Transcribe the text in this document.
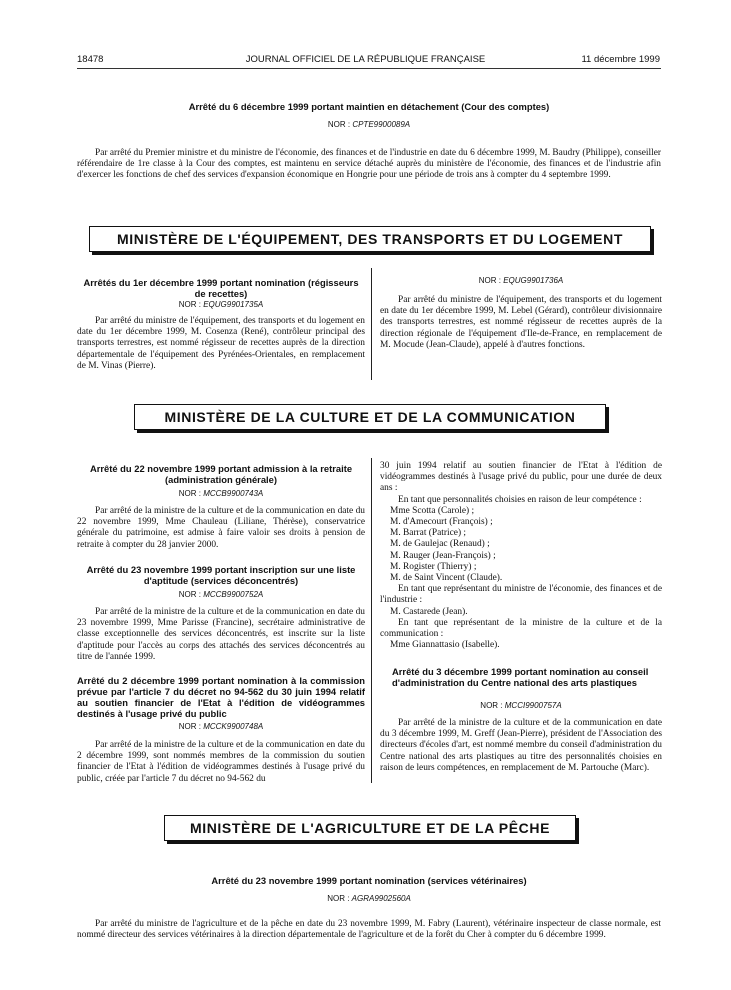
18478	JOURNAL OFFICIEL DE LA RÉPUBLIQUE FRANÇAISE	11 décembre 1999
Arrêté du 6 décembre 1999 portant maintien en détachement (Cour des comptes)
NOR : CPTE9900089A

Par arrêté du Premier ministre et du ministre de l'économie, des finances et de l'industrie en date du 6 décembre 1999, M. Baudry (Philippe), conseiller référendaire de 1re classe à la Cour des comptes, est maintenu en service détaché auprès du ministère de l'économie, des finances et de l'industrie afin d'exercer les fonctions de chef des services d'expansion économique en Hongrie pour une période de trois ans à compter du 4 septembre 1999.

MINISTÈRE DE L'ÉQUIPEMENT, DES TRANSPORTS ET DU LOGEMENT
Arrêtés du 1er décembre 1999 portant nomination (régisseurs de recettes)
NOR : EQUG9901735A

Par arrêté du ministre de l'équipement, des transports et du logement en date du 1er décembre 1999, M. Cosenza (René), contrôleur principal des transports terrestres, est nommé régisseur de recettes auprès de la direction départementale de l'équipement des Pyrénées-Orientales, en remplacement de M. Vinas (Pierre).

NOR : EQUG9901736A

Par arrêté du ministre de l'équipement, des transports et du logement en date du 1er décembre 1999, M. Lebel (Gérard), contrôleur divisionnaire des transports terrestres, est nommé régisseur de recettes auprès de la direction régionale de l'équipement d'Ile-de-France, en remplacement de M. Mocude (Jean-Claude), appelé à d'autres fonctions.

MINISTÈRE DE LA CULTURE ET DE LA COMMUNICATION
Arrêté du 22 novembre 1999 portant admission à la retraite (administration générale)
NOR : MCCB9900743A

Par arrêté de la ministre de la culture et de la communication en date du 22 novembre 1999, Mme Chauleau (Liliane, Thérèse), conservatrice générale du patrimoine, est admise à faire valoir ses droits à pension de retraite à compter du 28 janvier 2000.

Arrêté du 23 novembre 1999 portant inscription sur une liste d'aptitude (services déconcentrés)
NOR : MCCB9900752A

Par arrêté de la ministre de la culture et de la communication en date du 23 novembre 1999, Mme Parisse (Francine), secrétaire administrative de classe exceptionnelle des services déconcentrés, est inscrite sur la liste d'aptitude pour l'accès au corps des attachés des services déconcentrés au titre de l'année 1999.

Arrêté du 2 décembre 1999 portant nomination à la commission prévue par l'article 7 du décret no 94-562 du 30 juin 1994 relatif au soutien financier de l'Etat à l'édition de vidéogrammes destinés à l'usage privé du public
NOR : MCCK9900748A

Par arrêté de la ministre de la culture et de la communication en date du 2 décembre 1999, sont nommés membres de la commission du soutien financier de l'Etat à l'édition de vidéogrammes destinés à l'usage privé du public, créée par l'article 7 du décret no 94-562 du

30 juin 1994 relatif au soutien financier de l'Etat à l'édition de vidéogrammes destinés à l'usage privé du public, pour une durée de deux ans :

En tant que personnalités choisies en raison de leur compétence :

Mme Scotta (Carole) ;

M. d'Amecourt (François) ;

M. Barrat (Patrice) ;

M. de Gaulejac (Renaud) ;

M. Rauger (Jean-François) ;

M. Rogister (Thierry) ;

M. de Saint Vincent (Claude).

En tant que représentant du ministre de l'économie, des finances et de l'industrie :

M. Castarede (Jean).

En tant que représentant de la ministre de la culture et de la communication :

Mme Giannattasio (Isabelle).

Arrêté du 3 décembre 1999 portant nomination au conseil d'administration du Centre national des arts plastiques
NOR : MCCI9900757A

Par arrêté de la ministre de la culture et de la communication en date du 3 décembre 1999, M. Greff (Jean-Pierre), président de l'Association des directeurs d'écoles d'art, est nommé membre du conseil d'administration du Centre national des arts plastiques au titre des personnalités choisies en raison de leurs compétences, en remplacement de M. Partouche (Marc).

MINISTÈRE DE L'AGRICULTURE ET DE LA PÊCHE
Arrêté du 23 novembre 1999 portant nomination (services vétérinaires)
NOR : AGRA9902560A

Par arrêté du ministre de l'agriculture et de la pêche en date du 23 novembre 1999, M. Fabry (Laurent), vétérinaire inspecteur de classe normale, est nommé directeur des services vétérinaires à la direction départementale de l'agriculture et de la forêt du Cher à compter du 6 décembre 1999.
